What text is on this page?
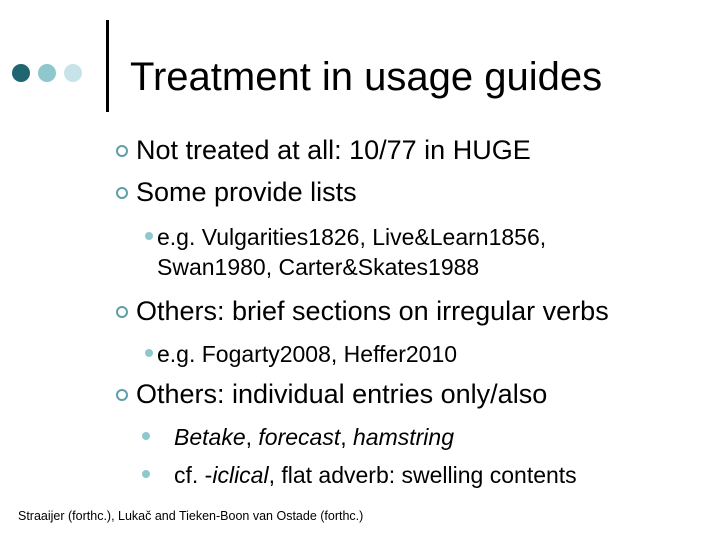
Treatment in usage guides
Not treated at all: 10/77 in HUGE
Some provide lists
e.g. Vulgarities1826, Live&Learn1856,
Swan1980, Carter&Skates1988
Others: brief sections on irregular verbs
e.g. Fogarty2008, Heffer2010
Others: individual entries only/also
Betake, forecast, hamstring
cf. -iclical, flat adverb: swelling contents
Straaijer (forthc.), Lukač and Tieken-Boon van Ostade (forthc.)
